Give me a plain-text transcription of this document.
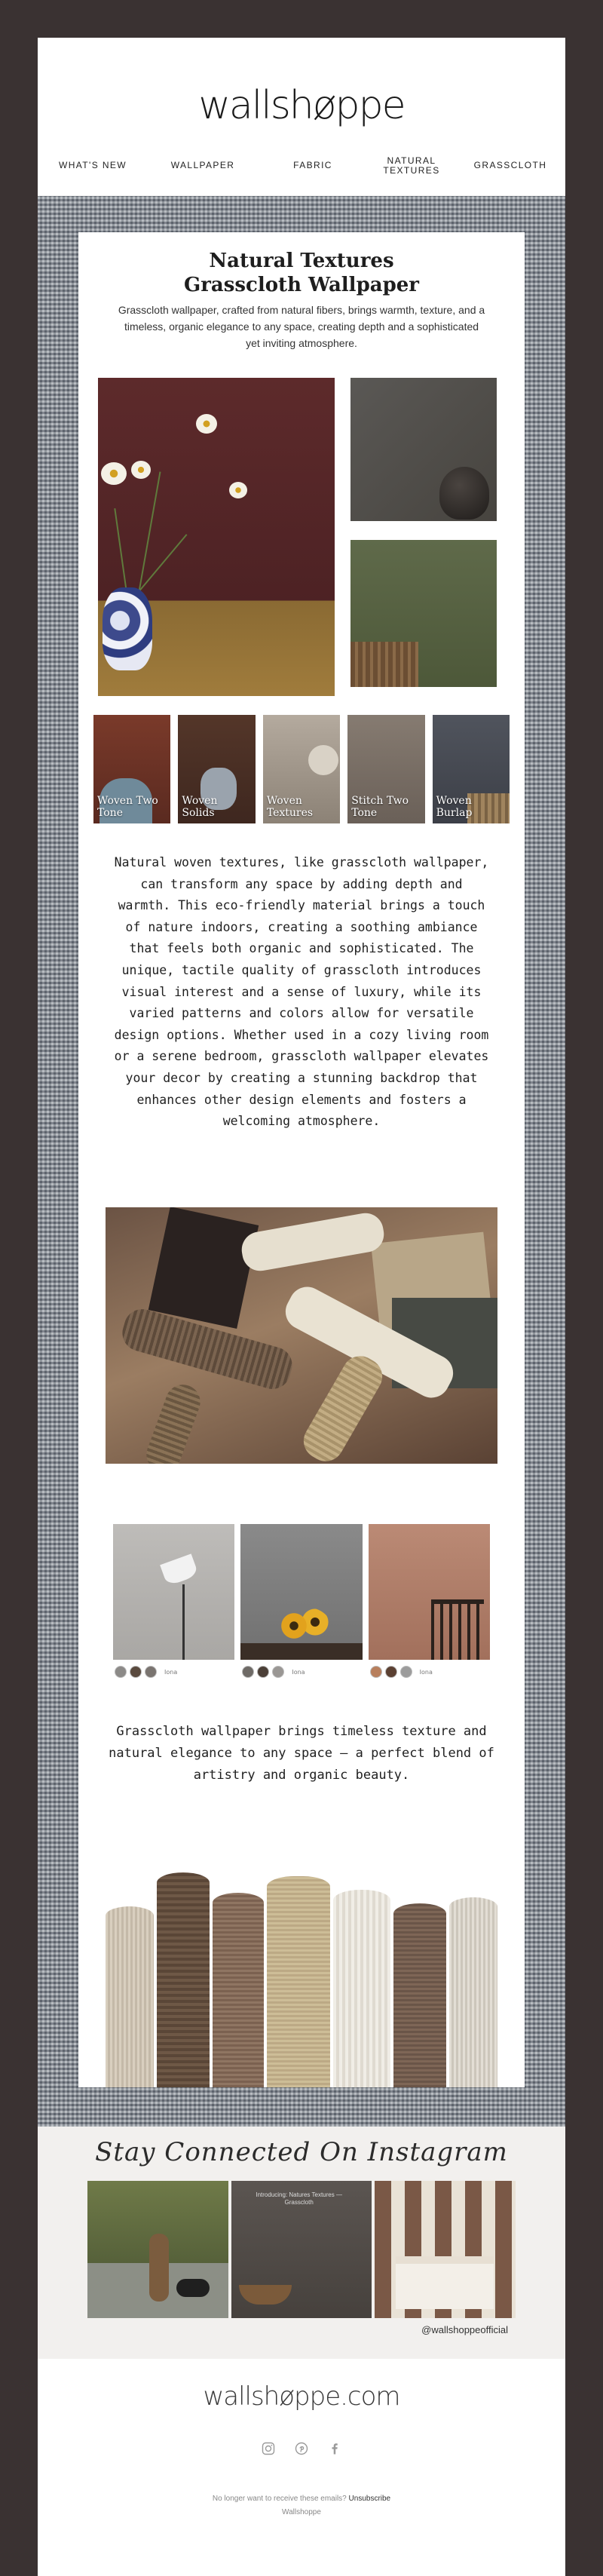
wallshøppe
WHAT'S NEW	WALLPAPER	FABRIC	NATURAL TEXTURES	GRASSCLOTH
Natural Textures
Grasscloth Wallpaper

Grasscloth wallpaper, crafted from natural fibers, brings warmth, texture, and a timeless, organic elegance to any space, creating depth and a sophisticated yet inviting atmosphere.

Woven Two Tone
Woven Solids
Woven Textures
Stitch Two Tone
Woven Burlap

Natural woven textures, like grasscloth wallpaper, can transform any space by adding depth and warmth. This eco-friendly material brings a touch of nature indoors, creating a soothing ambiance that feels both organic and sophisticated. The unique, tactile quality of grasscloth introduces visual interest and a sense of luxury, while its varied patterns and colors allow for versatile design options. Whether used in a cozy living room or a serene bedroom, grasscloth wallpaper elevates your decor by creating a stunning backdrop that enhances other design elements and fosters a welcoming atmosphere.

Iona	Iona	Iona

Grasscloth wallpaper brings timeless texture and natural elegance to any space — a perfect blend of artistry and organic beauty.

Stay Connected On Instagram
Introducing: Natures Textures — Grasscloth
@wallshoppeofficial
wallshøppe.com
No longer want to receive these emails? Unsubscribe
Wallshoppe
